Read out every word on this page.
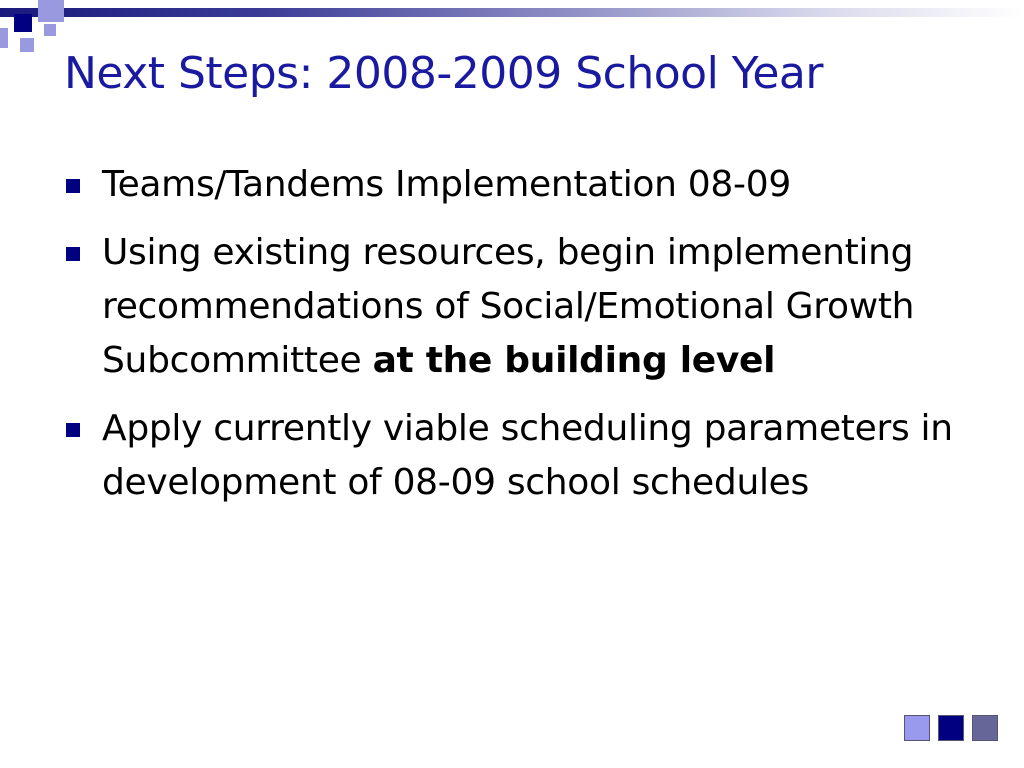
Next Steps: 2008-2009 School Year
Teams/Tandems Implementation 08-09
Using existing resources, begin implementing recommendations of Social/Emotional Growth Subcommittee at the building level
Apply currently viable scheduling parameters in development of 08-09 school schedules
